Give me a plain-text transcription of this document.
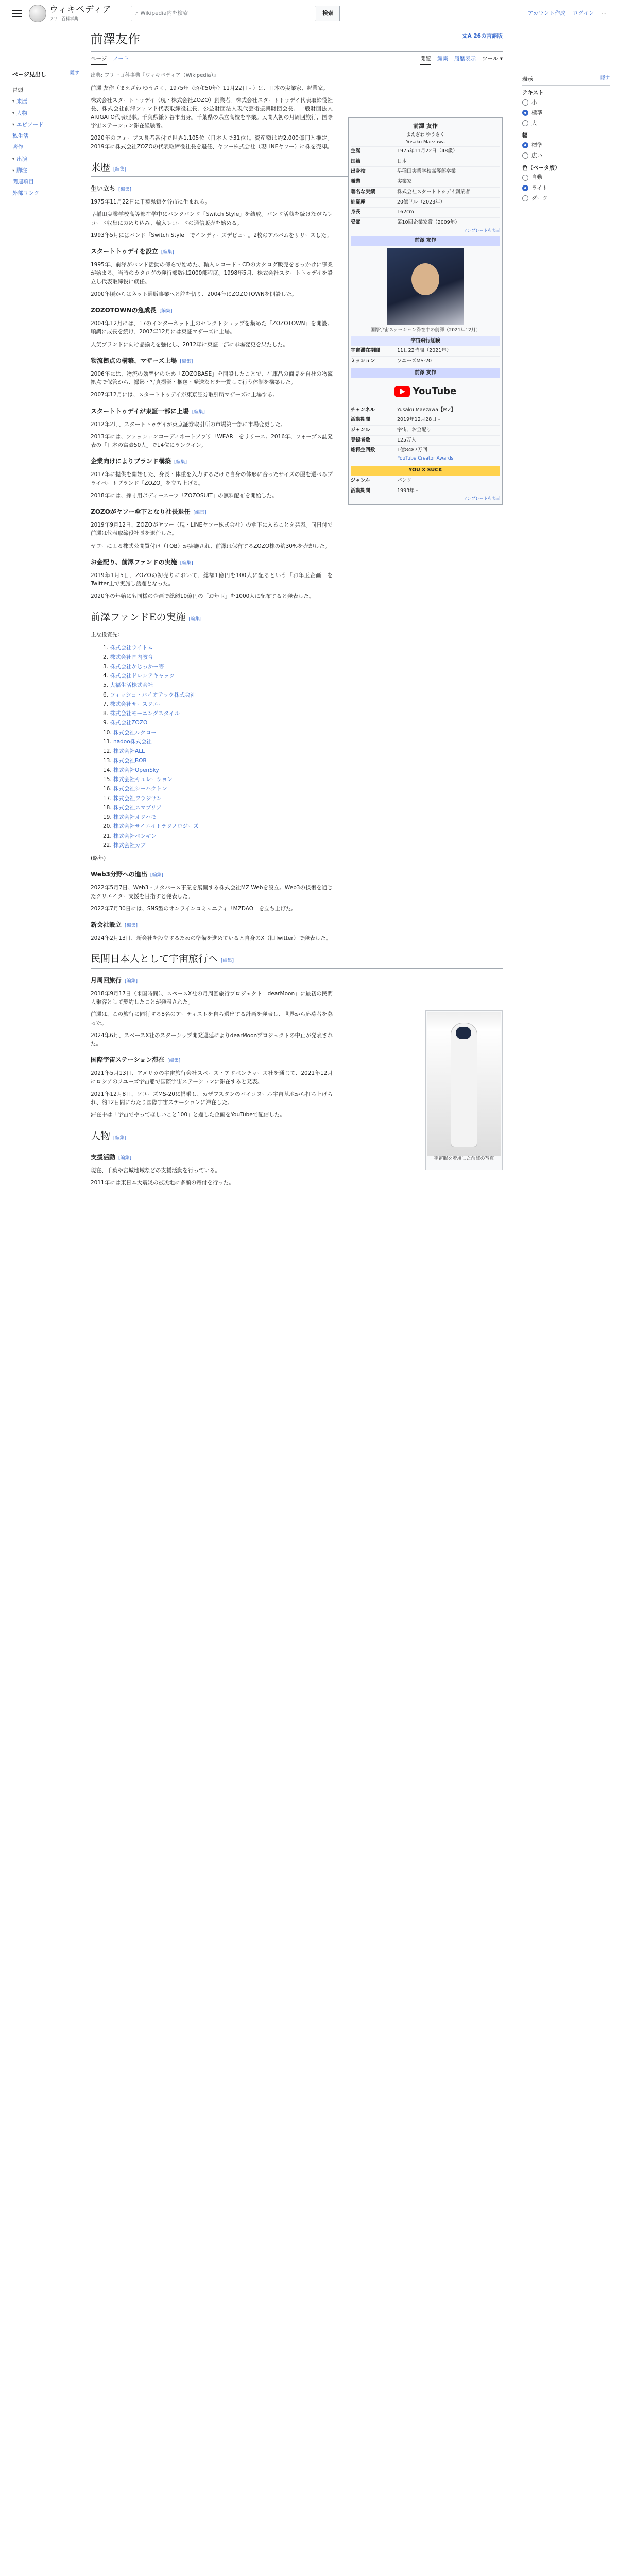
ウィキペディア
フリー百科事典
⌕ Wikipedia内を検索	検索	アカウント作成 ログイン ⋯
ページ見出し	隠す
冒頭
▾ 来歴
▾ 人物
▾ エピソード
私生活
著作
▾ 出演
▾ 脚注
関連項目
外部リンク
前澤友作	文A 26の言語版
ページ ノート	閲覧 編集 履歴表示 ツール ▾
出典: フリー百科事典『ウィキペディア（Wikipedia）』

前澤 友作（まえざわ ゆうさく、1975年〈昭和50年〉11月22日 - ）は、日本の実業家、起業家。

株式会社スタートトゥデイ（現・株式会社ZOZO）創業者。株式会社スタートトゥデイ代表取締役社長、株式会社前澤ファンド代表取締役社長、公益財団法人現代芸術振興財団会長、一般財団法人ARIGATO代表理事。千葉県鎌ケ谷市出身。千葉県の県立高校を卒業。民間人初の月周回旅行、国際宇宙ステーション滞在経験者。

2020年のフォーブス長者番付で世界1,105位（日本人で31位）。資産額は約2,000億円と推定。2019年に株式会社ZOZOの代表取締役社長を退任、ヤフー株式会社（現LINEヤフー）に株を売却。

来歴 [編集]
生い立ち [編集]

1975年11月22日に千葉県鎌ケ谷市に生まれる。

早稲田実業学校高等部在学中にパンクバンド「Switch Style」を結成。バンド活動を続けながらレコード収集にのめり込み、輸入レコードの通信販売を始める。

1993年5月にはバンド「Switch Style」でインディーズデビュー。2枚のアルバムをリリースした。

スタートトゥデイを設立 [編集]

1995年、前澤がバンド活動の傍らで始めた、輸入レコード・CDのカタログ販売をきっかけに事業が始まる。当時のカタログの発行部数は2000部程度。1998年5月、株式会社スタートトゥデイを設立し代表取締役に就任。

2000年頃からはネット通販事業へと舵を切り、2004年にZOZOTOWNを開設した。

ZOZOTOWNの急成長 [編集]

2004年12月には、17のインターネット上のセレクトショップを集めた「ZOZOTOWN」を開設。順調に成長を続け、2007年12月には東証マザーズに上場。

人気ブランドに向け品揃えを強化し、2012年に東証一部に市場変更を果たした。

物流拠点の構築、マザーズ上場 [編集]

2006年には、物流の効率化のため「ZOZOBASE」を開設したことで、在庫品の商品を自社の物流拠点で保管から、撮影・写真撮影・梱包・発送などを一貫して行う体制を構築した。

2007年12月には、スタートトゥデイが東京証券取引所マザーズに上場する。

スタートトゥデイが東証一部に上場 [編集]

2012年2月、スタートトゥデイが東京証券取引所の市場第一部に市場変更した。

2013年には、ファッションコーディネートアプリ「WEAR」をリリース。2016年、フォーブス誌発表の「日本の富豪50人」で14位にランクイン。

企業向けによりブランド構築 [編集]

2017年に提供を開始した、身長・体重を入力するだけで自身の体形に合ったサイズの服を選べるプライベートブランド「ZOZO」を立ち上げる。

2018年には、採寸用ボディースーツ「ZOZOSUIT」の無料配布を開始した。

ZOZOがヤフー傘下となり社長退任 [編集]

2019年9月12日、ZOZOがヤフー（現・LINEヤフー株式会社）の傘下に入ることを発表。同日付で前澤は代表取締役社長を退任した。

ヤフーによる株式公開買付け（TOB）が実施され、前澤は保有するZOZO株の約30%を売却した。

お金配り、前澤ファンドの実施 [編集]

2019年1月5日、ZOZOの初売りにおいて、総額1億円を100人に配るという「お年玉企画」をTwitter上で実施し話題となった。

2020年の年始にも同様の企画で総額10億円の「お年玉」を1000人に配布すると発表した。

前澤ファンドEの実施 [編集]

主な投資先:

1. 株式会社ライトム
2. 株式会社国内教育
3. 株式会社かじっかー等
4. 株式会社ドレシテキャッツ
5. 大福生活株式会社
6. フィッシュ・バイオテック株式会社
7. 株式会社サースクエー
8. 株式会社モーニングスタイル
9. 株式会社ZOZO
10. 株式会社ルクロー
11. nadoo株式会社
12. 株式会社ALL
13. 株式会社BOB
14. 株式会社OpenSky
15. 株式会社キュレーション
16. 株式会社シーハクトン
17. 株式会社フラジサン
18. 株式会社スマブリア
19. 株式会社オクハモ
20. 株式会社サイエイトテクノロジーズ
21. 株式会社ペンギン
22. 株式会社カブ

(略年)

Web3分野への進出 [編集]

2022年5月7日、Web3・メタバース事業を展開する株式会社MZ Webを設立。Web3の技術を通じたクリエイター支援を目指すと発表した。

2022年7月30日には、SNS型のオンラインコミュニティ「MZDAO」を立ち上げた。

新会社設立 [編集]

2024年2月13日、新会社を設立するための準備を進めていると自身のX（旧Twitter）で発表した。

民間日本人として宇宙旅行へ [編集]
月周回旅行 [編集]

2018年9月17日（米国時間）、スペースX社の月周回旅行プロジェクト「dearMoon」に最初の民間人乗客として契約したことが発表された。

宇宙服を着用した前澤の写真

前澤は、この旅行に同行する8名のアーティストを自ら選出する計画を発表し、世界から応募者を募った。

2024年6月、スペースX社のスターシップ開発遅延によりdearMoonプロジェクトの中止が発表された。

国際宇宙ステーション滞在 [編集]

2021年5月13日、アメリカの宇宙旅行会社スペース・アドベンチャーズ社を通じて、2021年12月にロシアのソユーズ宇宙船で国際宇宙ステーションに滞在すると発表。

2021年12月8日、ソユーズMS-20に搭乗し、カザフスタンのバイコヌール宇宙基地から打ち上げられ、約12日間にわたり国際宇宙ステーションに滞在した。

滞在中は「宇宙でやってほしいこと100」と題した企画をYouTubeで配信した。

人物 [編集]
支援活動 [編集]

現在、千葉や宮城地域などの支援活動を行っている。

2011年には東日本大震災の被災地に多額の寄付を行った。

前澤 友作
まえざわ ゆうさく
Yusaku Maezawa
生誕	1975年11月22日（48歳）
国籍	日本
出身校	早稲田実業学校高等部卒業
職業	実業家
著名な実績	株式会社スタートトゥデイ創業者
純資産	20億ドル（2023年）
身長	162cm
受賞	第10回企業家賞（2009年）
テンプレートを表示
前澤 友作
国際宇宙ステーション滞在中の前澤（2021年12月）
宇宙飛行経験
宇宙滞在期間	11日22時間（2021年）
ミッション	ソユーズMS-20
前澤 友作
YouTube
チャンネル	Yusaku Maezawa【MZ】
活動期間	2019年12月28日 -
ジャンル	宇宙、お金配り
登録者数	125万人
総再生回数	1億8487万回
YouTube Creator Awards
YOU X SUCK
ジャンル	パンク
活動期間	1993年 -
テンプレートを表示
表示	隠す
テキスト
小
標準
大
幅
標準
広い
色（ベータ版）
自動
ライト
ダーク
